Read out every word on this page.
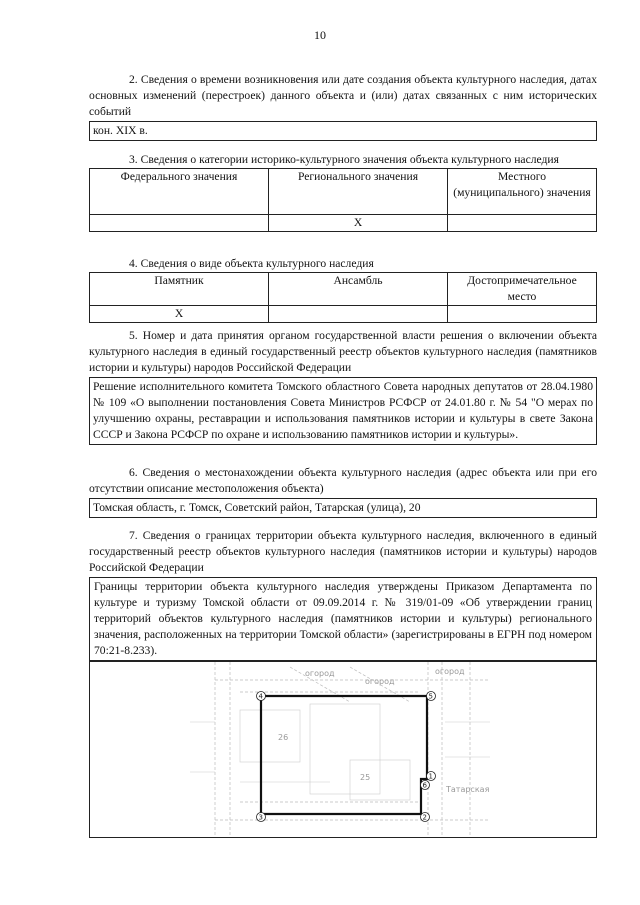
10

2. Сведения о времени возникновения или дате создания объекта культурного наследия, датах основных изменений (перестроек) данного объекта и (или) датах связанных с ним исторических событий

кон. XIX в.

3. Сведения о категории историко-культурного значения объекта культурного наследия

Федерального значения	Регионального значения	Местного (муниципального) значения
	X	

4. Сведения о виде объекта культурного наследия

Памятник	Ансамбль	Достопримечательное место
X		

5. Номер и дата принятия органом государственной власти решения о включении объекта культурного наследия в единый государственный реестр объектов культурного наследия (памятников истории и культуры) народов Российской Федерации

Решение исполнительного комитета Томского областного Совета народных депутатов от 28.04.1980 № 109 «О выполнении постановления Совета Министров РСФСР от 24.01.80 г. № 54 "О мерах по улучшению охраны, реставрации и использования памятников истории и культуры в свете Закона СССР и Закона РСФСР по охране и использованию памятников истории и культуры».

6. Сведения о местонахождении объекта культурного наследия (адрес объекта или при его отсутствии описание местоположения объекта)

Томская область, г. Томск, Советский район, Татарская (улица), 20

7. Сведения о границах территории объекта культурного наследия, включенного в единый государственный реестр объектов культурного наследия (памятников истории и культуры) народов Российской Федерации

Границы территории объекта культурного наследия утверждены Приказом Департамента по культуре и туризму Томской области от 09.09.2014 г. № 319/01-09 «Об утверждении границ территорий объектов культурного наследия (памятников истории и культуры) регионального значения, расположенных на территории Томской области» (зарегистрированы в ЕГРН под номером 70:21-8.233).

огород
огород
огород
26
25
Татарская
4	5
1
6
2
3
